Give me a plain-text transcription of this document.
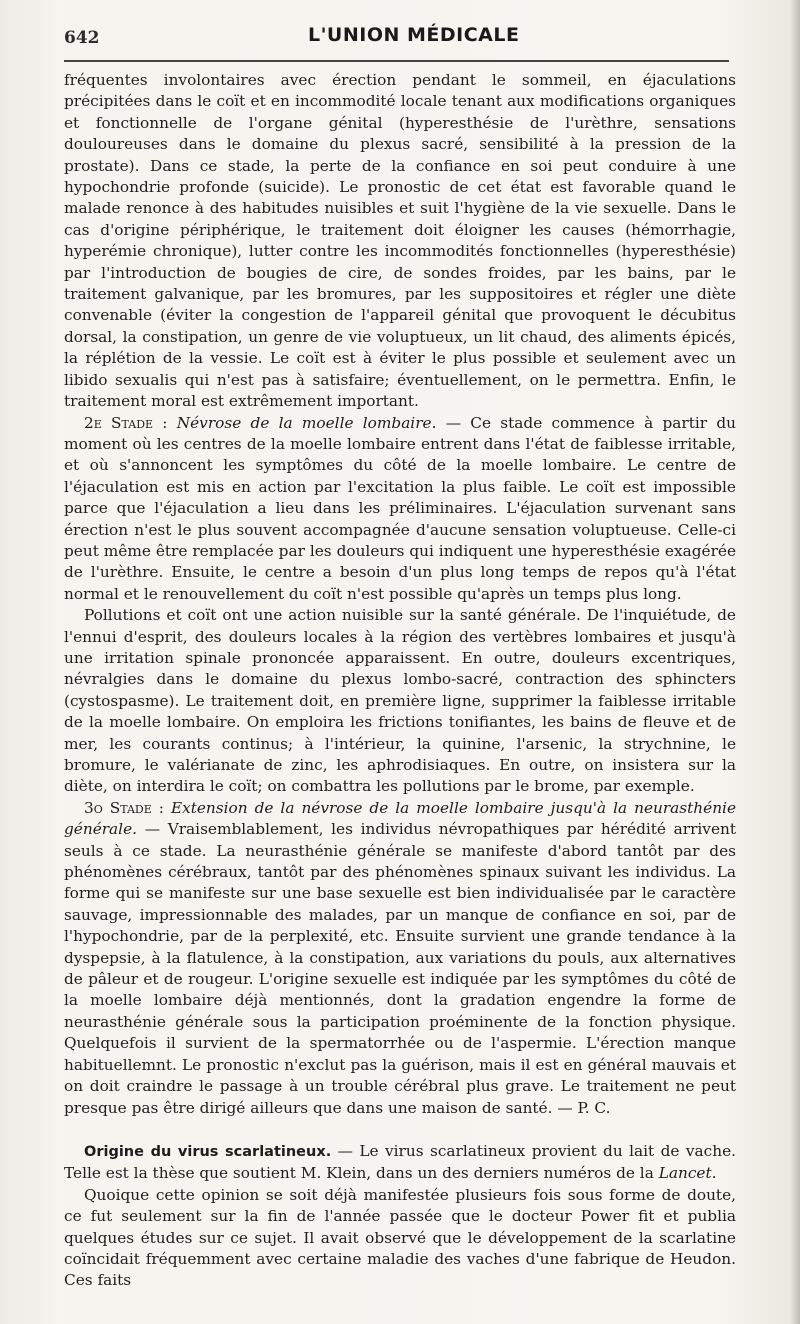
642	L'UNION MÉDICALE

fréquentes involontaires avec érection pendant le sommeil, en éjaculations précipitées dans le coït et en incommodité locale tenant aux modifications organiques et fonctionnelle de l'organe génital (hyperesthésie de l'urèthre, sensations douloureuses dans le domaine du plexus sacré, sensibilité à la pression de la prostate). Dans ce stade, la perte de la confiance en soi peut conduire à une hypochondrie profonde (suicide). Le pronostic de cet état est favorable quand le malade renonce à des habitudes nuisibles et suit l'hygiène de la vie sexuelle. Dans le cas d'origine périphérique, le traitement doit éloigner les causes (hémorrhagie, hyperémie chronique), lutter contre les incommodités fonctionnelles (hyperesthésie) par l'introduction de bougies de cire, de sondes froides, par les bains, par le traitement galvanique, par les bromures, par les suppositoires et régler une diète convenable (éviter la congestion de l'appareil génital que provoquent le décubitus dorsal, la constipation, un genre de vie voluptueux, un lit chaud, des aliments épicés, la réplétion de la vessie. Le coït est à éviter le plus possible et seulement avec un libido sexualis qui n'est pas à satisfaire; éventuellement, on le permettra. Enfin, le traitement moral est extrêmement important.

2e Stade : Névrose de la moelle lombaire. — Ce stade commence à partir du moment où les centres de la moelle lombaire entrent dans l'état de faiblesse irritable, et où s'annoncent les symptômes du côté de la moelle lombaire. Le centre de l'éjaculation est mis en action par l'excitation la plus faible. Le coït est impossible parce que l'éjaculation a lieu dans les préliminaires. L'éjaculation survenant sans érection n'est le plus souvent accompagnée d'aucune sensation voluptueuse. Celle-ci peut même être remplacée par les douleurs qui indiquent une hyperesthésie exagérée de l'urèthre. Ensuite, le centre a besoin d'un plus long temps de repos qu'à l'état normal et le renouvellement du coït n'est possible qu'après un temps plus long.

Pollutions et coït ont une action nuisible sur la santé générale. De l'inquiétude, de l'ennui d'esprit, des douleurs locales à la région des vertèbres lombaires et jusqu'à une irritation spinale prononcée apparaissent. En outre, douleurs excentriques, névralgies dans le domaine du plexus lombo-sacré, contraction des sphincters (cystospasme). Le traitement doit, en première ligne, supprimer la faiblesse irritable de la moelle lombaire. On emploira les frictions tonifiantes, les bains de fleuve et de mer, les courants continus; à l'intérieur, la quinine, l'arsenic, la strychnine, le bromure, le valérianate de zinc, les aphrodisiaques. En outre, on insistera sur la diète, on interdira le coït; on combattra les pollutions par le brome, par exemple.

3o Stade : Extension de la névrose de la moelle lombaire jusqu'à la neurasthénie générale. — Vraisemblablement, les individus névropathiques par hérédité arrivent seuls à ce stade. La neurasthénie générale se manifeste d'abord tantôt par des phénomènes cérébraux, tantôt par des phénomènes spinaux suivant les individus. La forme qui se manifeste sur une base sexuelle est bien individualisée par le caractère sauvage, impressionnable des malades, par un manque de confiance en soi, par de l'hypochondrie, par de la perplexité, etc. Ensuite survient une grande tendance à la dyspepsie, à la flatulence, à la constipation, aux variations du pouls, aux alternatives de pâleur et de rougeur. L'origine sexuelle est indiquée par les symptômes du côté de la moelle lombaire déjà mentionnés, dont la gradation engendre la forme de neurasthénie générale sous la participation proéminente de la fonction physique. Quelquefois il survient de la spermatorrhée ou de l'aspermie. L'érection manque habituellemnt. Le pronostic n'exclut pas la guérison, mais il est en général mauvais et on doit craindre le passage à un trouble cérébral plus grave. Le traitement ne peut presque pas être dirigé ailleurs que dans une maison de santé. — P. C.

Origine du virus scarlatineux. — Le virus scarlatineux provient du lait de vache. Telle est la thèse que soutient M. Klein, dans un des derniers numéros de la Lancet.

Quoique cette opinion se soit déjà manifestée plusieurs fois sous forme de doute, ce fut seulement sur la fin de l'année passée que le docteur Power fit et publia quelques études sur ce sujet. Il avait observé que le développement de la scarlatine coïncidait fréquemment avec certaine maladie des vaches d'une fabrique de Heudon. Ces faits
